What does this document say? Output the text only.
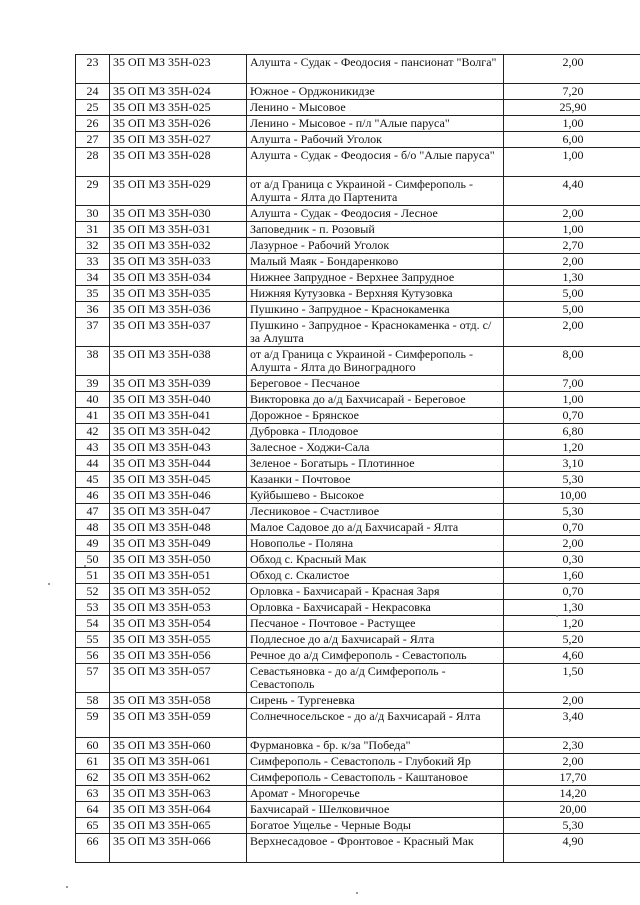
23	35 ОП МЗ 35Н-023	Алушта - Судак - Феодосия - пансионат "Волга"	2,00
24	35 ОП МЗ 35Н-024	Южное - Орджоникидзе	7,20
25	35 ОП МЗ 35Н-025	Ленино - Мысовое	25,90
26	35 ОП МЗ 35Н-026	Ленино - Мысовое - п/л "Алые паруса"	1,00
27	35 ОП МЗ 35Н-027	Алушта - Рабочий Уголок	6,00
28	35 ОП МЗ 35Н-028	Алушта - Судак - Феодосия - б/о "Алые паруса"	1,00
29	35 ОП МЗ 35Н-029	от а/д Граница с Украиной - Симферополь - Алушта - Ялта до Партенита	4,40
30	35 ОП МЗ 35Н-030	Алушта - Судак - Феодосия - Лесное	2,00
31	35 ОП МЗ 35Н-031	Заповедник - п. Розовый	1,00
32	35 ОП МЗ 35Н-032	Лазурное - Рабочий Уголок	2,70
33	35 ОП МЗ 35Н-033	Малый Маяк - Бондаренково	2,00
34	35 ОП МЗ 35Н-034	Нижнее Запрудное - Верхнее Запрудное	1,30
35	35 ОП МЗ 35Н-035	Нижняя Кутузовка - Верхняя Кутузовка	5,00
36	35 ОП МЗ 35Н-036	Пушкино - Запрудное - Краснокаменка	5,00
37	35 ОП МЗ 35Н-037	Пушкино - Запрудное - Краснокаменка - отд. с/за Алушта	2,00
38	35 ОП МЗ 35Н-038	от а/д Граница с Украиной - Симферополь - Алушта - Ялта до Виноградного	8,00
39	35 ОП МЗ 35Н-039	Береговое - Песчаное	7,00
40	35 ОП МЗ 35Н-040	Викторовка до а/д Бахчисарай - Береговое	1,00
41	35 ОП МЗ 35Н-041	Дорожное - Брянское	0,70
42	35 ОП МЗ 35Н-042	Дубровка - Плодовое	6,80
43	35 ОП МЗ 35Н-043	Залесное - Ходжи-Сала	1,20
44	35 ОП МЗ 35Н-044	Зеленое - Богатырь - Плотинное	3,10
45	35 ОП МЗ 35Н-045	Казанки - Почтовое	5,30
46	35 ОП МЗ 35Н-046	Куйбышево - Высокое	10,00
47	35 ОП МЗ 35Н-047	Лесниковое - Счастливое	5,30
48	35 ОП МЗ 35Н-048	Малое Садовое до а/д Бахчисарай - Ялта	0,70
49	35 ОП МЗ 35Н-049	Новополье - Поляна	2,00
50	35 ОП МЗ 35Н-050	Обход с. Красный Мак	0,30
51	35 ОП МЗ 35Н-051	Обход с. Скалистое	1,60
52	35 ОП МЗ 35Н-052	Орловка - Бахчисарай - Красная Заря	0,70
53	35 ОП МЗ 35Н-053	Орловка - Бахчисарай - Некрасовка	1,30
54	35 ОП МЗ 35Н-054	Песчаное - Почтовое - Растущее	1,20
55	35 ОП МЗ 35Н-055	Подлесное до а/д Бахчисарай - Ялта	5,20
56	35 ОП МЗ 35Н-056	Речное до а/д Симферополь - Севастополь	4,60
57	35 ОП МЗ 35Н-057	Севастьяновка - до а/д Симферополь - Севастополь	1,50
58	35 ОП МЗ 35Н-058	Сирень - Тургеневка	2,00
59	35 ОП МЗ 35Н-059	Солнечносельское - до а/д Бахчисарай - Ялта	3,40
60	35 ОП МЗ 35Н-060	Фурмановка - бр. к/за "Победа"	2,30
61	35 ОП МЗ 35Н-061	Симферополь - Севастополь - Глубокий Яр	2,00
62	35 ОП МЗ 35Н-062	Симферополь - Севастополь - Каштановое	17,70
63	35 ОП МЗ 35Н-063	Аромат - Многоречье	14,20
64	35 ОП МЗ 35Н-064	Бахчисарай - Шелковичное	20,00
65	35 ОП МЗ 35Н-065	Богатое Ущелье - Черные Воды	5,30
66	35 ОП МЗ 35Н-066	Верхнесадовое - Фронтовое - Красный Мак	4,90
